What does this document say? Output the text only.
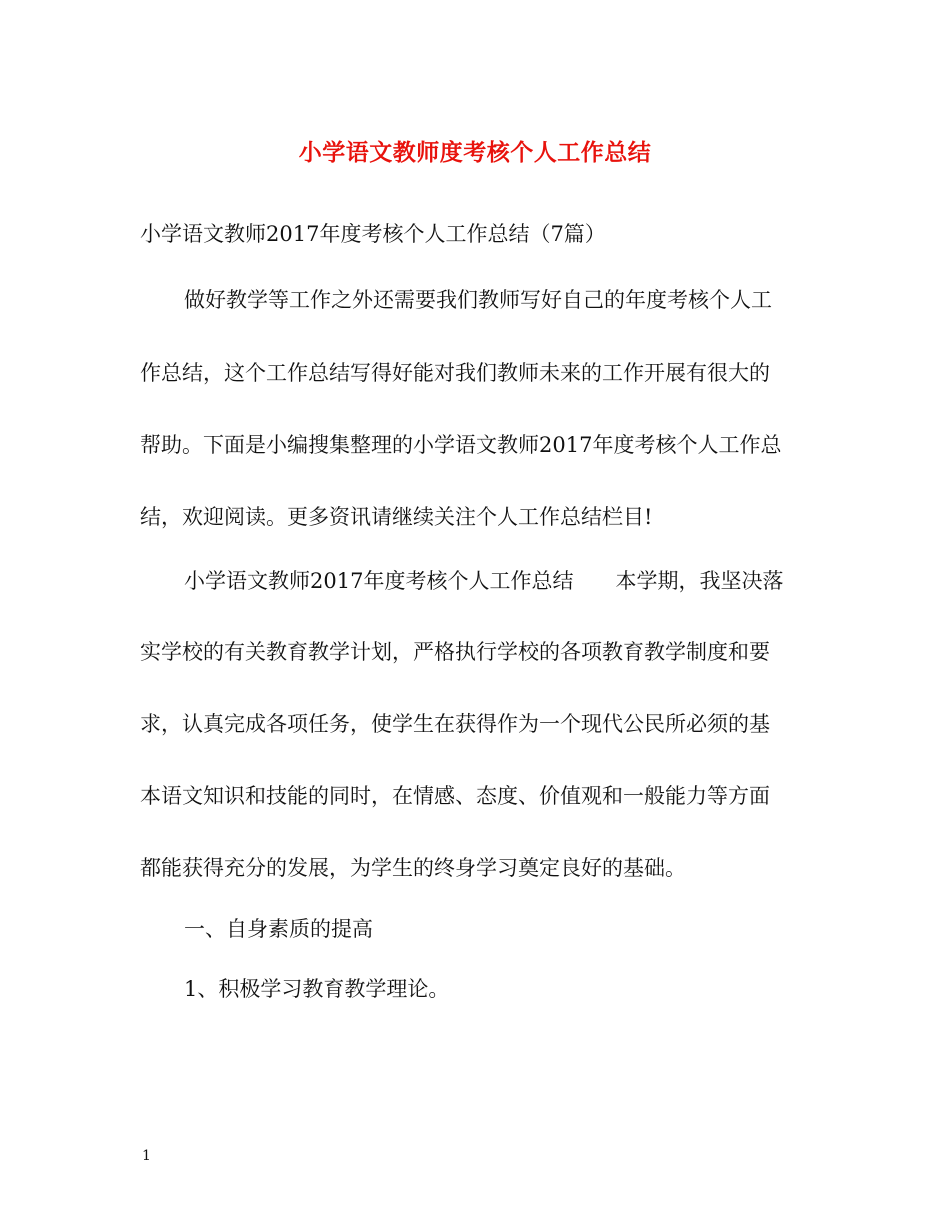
小学语文教师度考核个人工作总结
小学语文教师2017年度考核个人工作总结（7篇）
做好教学等工作之外还需要我们教师写好自己的年度考核个人工
作总结，这个工作总结写得好能对我们教师未来的工作开展有很大的
帮助。下面是小编搜集整理的小学语文教师2017年度考核个人工作总
结，欢迎阅读。更多资讯请继续关注个人工作总结栏目!
小学语文教师2017年度考核个人工作总结　　本学期，我坚决落
实学校的有关教育教学计划，严格执行学校的各项教育教学制度和要
求，认真完成各项任务，使学生在获得作为一个现代公民所必须的基
本语文知识和技能的同时，在情感、态度、价值观和一般能力等方面
都能获得充分的发展，为学生的终身学习奠定良好的基础。
一、自身素质的提高
1、积极学习教育教学理论。
1
